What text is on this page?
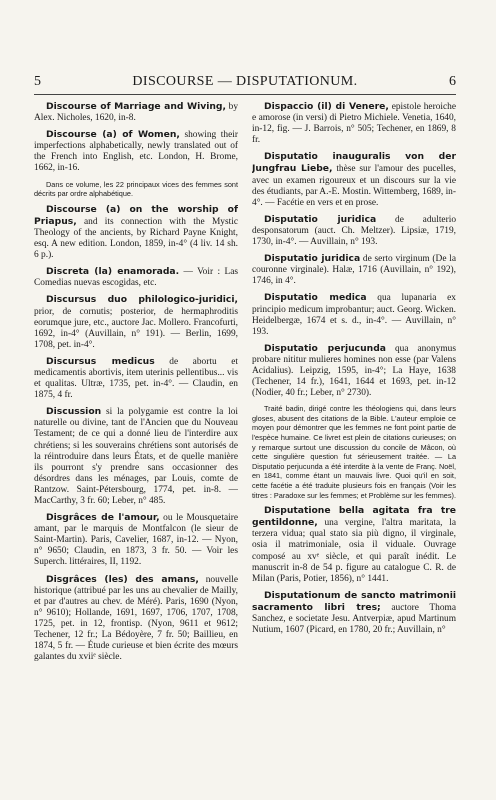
5	DISCOURSE — DISPUTATIONUM.	6

Discourse of Marriage and Wiving, by Alex. Nicholes, 1620, in-8.

Discourse (a) of Women, showing their imperfections alphabetically, newly translated out of the French into English, etc. London, H. Brome, 1662, in-16.

Dans ce volume, les 22 principaux vices des femmes sont décrits par ordre alphabétique.

Discourse (a) on the worship of Priapus, and its connection with the Mystic Theology of the ancients, by Richard Payne Knight, esq. A new edition. London, 1859, in-4° (4 liv. 14 sh. 6 p.).

Discreta (la) enamorada. — Voir : Las Comedias nuevas escogidas, etc.

Discursus duo philologico-juridici, prior, de cornutis; posterior, de hermaphroditis eorumque jure, etc., auctore Jac. Mollero. Francofurti, 1692, in-4° (Auvillain, n° 191). — Berlin, 1699, 1708, pet. in-4°.

Discursus medicus de abortu et medicamentis abortivis, item uterinis pellentibus... vis et qualitas. Ultræ, 1735, pet. in-4°. — Claudin, en 1875, 4 fr.

Discussion si la polygamie est contre la loi naturelle ou divine, tant de l'Ancien que du Nouveau Testament; de ce qui a donné lieu de l'interdire aux chrétiens; si les souverains chrétiens sont autorisés de la réintroduire dans leurs États, et de quelle manière ils pourront s'y prendre sans occasionner des désordres dans les ménages, par Louis, comte de Rantzow. Saint-Pétersbourg, 1774, pet. in-8. — MacCarthy, 3 fr. 60; Leber, n° 485.

Disgrâces de l'amour, ou le Mousquetaire amant, par le marquis de Montfalcon (le sieur de Saint-Martin). Paris, Cavelier, 1687, in-12. — Nyon, n° 9650; Claudin, en 1873, 3 fr. 50. — Voir les Superch. littéraires, II, 1192.

Disgrâces (les) des amans, nouvelle historique (attribué par les uns au chevalier de Mailly, et par d'autres au chev. de Méré). Paris, 1690 (Nyon, n° 9610); Hollande, 1691, 1697, 1706, 1707, 1708, 1725, pet. in 12, frontisp. (Nyon, 9611 et 9612; Techener, 12 fr.; La Bédoyère, 7 fr. 50; Baillieu, en 1874, 5 fr. — Étude curieuse et bien écrite des mœurs galantes du xviiᵉ siècle.

Dispaccio (il) di Venere, epistole heroiche e amorose (in versi) di Pietro Michiele. Venetia, 1640, in-12, fig. — J. Barrois, n° 505; Techener, en 1869, 8 fr.

Disputatio inauguralis von der Jungfrau Liebe, thèse sur l'amour des pucelles, avec un examen rigoureux et un discours sur la vie des étudiants, par A.-E. Mostin. Wittemberg, 1689, in-4°. — Facétie en vers et en prose.

Disputatio juridica de adulterio desponsatorum (auct. Ch. Meltzer). Lipsiæ, 1719, 1730, in-4°. — Auvillain, n° 193.

Disputatio juridica de serto virginum (De la couronne virginale). Halæ, 1716 (Auvillain, n° 192), 1746, in 4°.

Disputatio medica qua lupanaria ex principio medicum improbantur; auct. Georg. Wicken. Heidelbergæ, 1674 et s. d., in-4°. — Auvillain, n° 193.

Disputatio perjucunda qua anonymus probare nititur mulieres homines non esse (par Valens Acidalius). Leipzig, 1595, in-4°; La Haye, 1638 (Techener, 14 fr.), 1641, 1644 et 1693, pet. in-12 (Nodier, 40 fr.; Leber, n° 2730).

Traité badin, dirigé contre les théologiens qui, dans leurs gloses, abusent des citations de la Bible. L'auteur emploie ce moyen pour démontrer que les femmes ne font point partie de l'espèce humaine. Ce livret est plein de citations curieuses; on y remarque surtout une discussion du concile de Mâcon, où cette singulière question fut sérieusement traitée. — La Disputatio perjucunda a été interdite à la vente de Franç. Noël, en 1841, comme étant un mauvais livre. Quoi qu'il en soit, cette facétie a été traduite plusieurs fois en français (Voir les titres : Paradoxe sur les femmes; et Problème sur les femmes).

Disputatione bella agitata fra tre gentildonne, una vergine, l'altra maritata, la terzera vidua; qual stato sia più digno, il virginale, osia il matrimoniale, osia il viduale. Ouvrage composé au xvᵉ siècle, et qui paraît inédit. Le manuscrit in-8 de 54 p. figure au catalogue C. R. de Milan (Paris, Potier, 1856), n° 1441.

Disputationum de sancto matrimonii sacramento libri tres; auctore Thoma Sanchez, e societate Jesu. Antverpiæ, apud Martinum Nutium, 1607 (Picard, en 1780, 20 fr.; Auvillain, n°
